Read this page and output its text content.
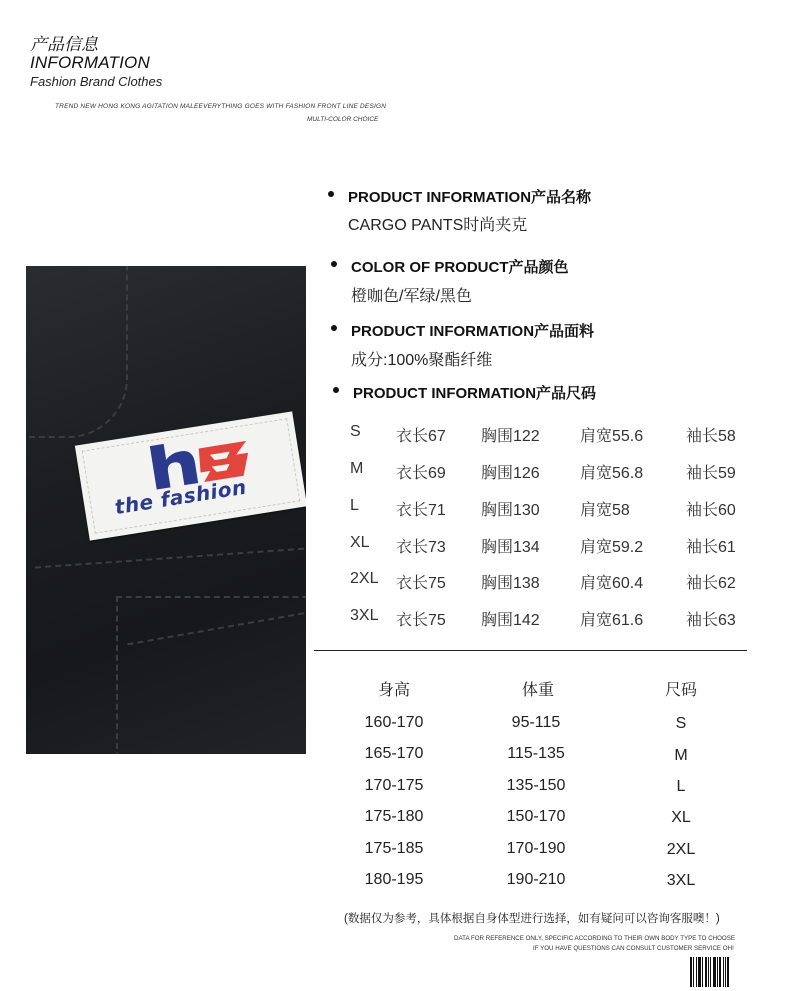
产品信息
INFORMATION
Fashion Brand Clothes
TREND NEW HONG KONG AGITATION MALEEVERYTHING GOES WITH FASHION FRONT LINE DESIGN
MULTI-COLOR CHOICE
the fashion
PRODUCT INFORMATION产品名称
CARGO PANTS时尚夹克
COLOR OF PRODUCT产品颜色
橙咖色/军绿/黑色
PRODUCT INFORMATION产品面料
成分:100%聚酯纤维
PRODUCT INFORMATION产品尺码
S 衣长67 胸围122	肩宽55.6	袖长58
M 衣长69 胸围126	肩宽56.8	袖长59
L 衣长71 胸围130	肩宽58	袖长60
XL 衣长73 胸围134	肩宽59.2	袖长61
2XL 衣长75 胸围138	肩宽60.4	袖长62
3XL 衣长75 胸围142	肩宽61.6	袖长63
身高	体重	尺码
160-170	95-115	S
165-170	115-135	M
170-175	135-150	L
175-180	150-170	XL
175-185	170-190	2XL
180-195	190-210	3XL
(数据仅为参考，具体根据自身体型进行选择，如有疑问可以咨询客服噢！)
DATA FOR REFERENCE ONLY, SPECIFIC ACCORDING TO THEIR OWN BODY TYPE TO CHOOSE
IF YOU HAVE QUESTIONS CAN CONSULT CUSTOMER SERVICE OH!
